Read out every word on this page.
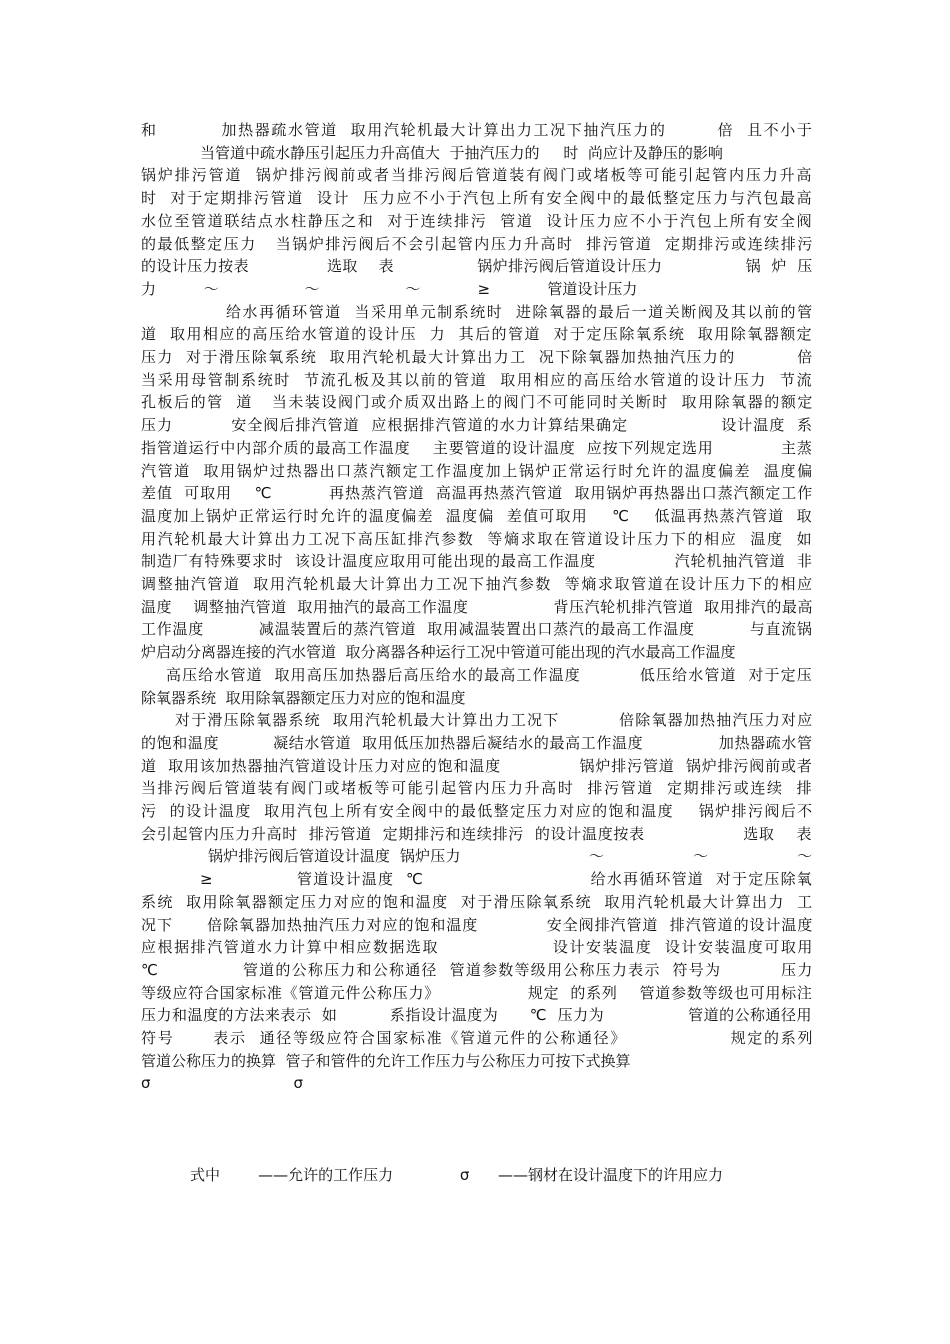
和          加热器疏水管道  取用汽轮机最大计算出力工况下抽汽压力的        倍  且不小于

当管道中疏水静压引起压力升高值大  于抽汽压力的     时  尚应计及静压的影响

锅炉排污管道  锅炉排污阀前或者当排污阀后管道装有阀门或堵板等可能引起管内压力升高

时  对于定期排污管道  设计  压力应不小于汽包上所有安全阀中的最低整定压力与汽包最高

水位至管道联结点水柱静压之和  对于连续排污  管道  设计压力应不小于汽包上所有安全阀

的最低整定压力   当锅炉排污阀后不会引起管内压力升高时  排污管道  定期排污或连续排污

的设计压力按表               选取    表                锅炉排污阀后管道设计压力                锅  炉  压

力          ～                  ～                  ～            ≥            管道设计压力

给水再循环管道  当采用单元制系统时  进除氧器的最后一道关断阀及其以前的管

道  取用相应的高压给水管道的设计压  力  其后的管道  对于定压除氧系统  取用除氧器额定

压力  对于滑压除氧系统  取用汽轮机最大计算出力工  况下除氧器加热抽汽压力的          倍

当采用母管制系统时  节流孔板及其以前的管道  取用相应的高压给水管道的设计压力  节流

孔板后的管  道   当未装设阀门或介质双出路上的阀门不可能同时关断时  取用除氧器的额定

压力          安全阀后排汽管道  应根据排汽管道的水力计算结果确定                设计温度  系

指管道运行中内部介质的最高工作温度    主要管道的设计温度  应按下列规定选用            主蒸

汽管道  取用锅炉过热器出口蒸汽额定工作温度加上锅炉正常运行时允许的温度偏差  温度偏

差值  可取用    ℃          再热蒸汽管道  高温再热蒸汽管道  取用锅炉再热器出口蒸汽额定工作

温度加上锅炉正常运行时允许的温度偏差  温度偏  差值可取用    ℃    低温再热蒸汽管道  取

用汽轮机最大计算出力工况下高压缸排汽参数  等熵求取在管道设计压力下的相应  温度  如

制造厂有特殊要求时  该设计温度应取用可能出现的最高工作温度              汽轮机抽汽管道  非

调整抽汽管道  取用汽轮机最大计算出力工况下抽汽参数  等熵求取管道在设计压力下的相应

温度    调整抽汽管道  取用抽汽的最高工作温度                背压汽轮机排汽管道  取用排汽的最高

工作温度          减温装置后的蒸汽管道  取用减温装置出口蒸汽的最高工作温度          与直流锅

炉启动分离器连接的汽水管道  取分离器各种运行工况中管道可能出现的汽水最高工作温度

高压给水管道  取用高压加热器后高压给水的最高工作温度          低压给水管道  对于定压

除氧器系统  取用除氧器额定压力对应的饱和温度

对于滑压除氧器系统  取用汽轮机最大计算出力工况下          倍除氧器加热抽汽压力对应

的饱和温度          凝结水管道  取用低压加热器后凝结水的最高工作温度              加热器疏水管

道  取用该加热器抽汽管道设计压力对应的饱和温度              锅炉排污管道  锅炉排污阀前或者

当排污阀后管道装有阀门或堵板等可能引起管内压力升高时  排污管道  定期排污或连续  排

污  的设计温度  取用汽包上所有安全阀中的最低整定压力对应的饱和温度    锅炉排污阀后不

会引起管内压力升高时  排污管道  定期排污和连续排污  的设计温度按表                  选取    表

锅炉排污阀后管道设计温度  锅炉压力                          ～                  ～                  ～

≥              管道设计温度  ℃                            给水再循环管道  对于定压除氧

系统  取用除氧器额定压力对应的饱和温度  对于滑压除氧系统  取用汽轮机最大计算出力  工

况下      倍除氧器加热抽汽压力对应的饱和温度            安全阀排汽管道  排汽管道的设计温度

应根据排汽管道水力计算中相应数据选取                  设计安装温度  设计安装温度可取用

℃              管道的公称压力和公称通径  管道参数等级用公称压力表示  符号为          压力

等级应符合国家标准《管道元件公称压力》                规定  的系列    管道参数等级也可用标注

压力和温度的方法来表示  如          系指设计温度为      ℃  压力为                管道的公称通径用

符号      表示  通径等级应符合国家标准《管道元件的公称通径》                规定的系列

管道公称压力的换算  管子和管件的允许工作压力与公称压力可按下式换算

σ                              σ

式中        ——允许的工作压力              σ      ——钢材在设计温度下的许用应力
